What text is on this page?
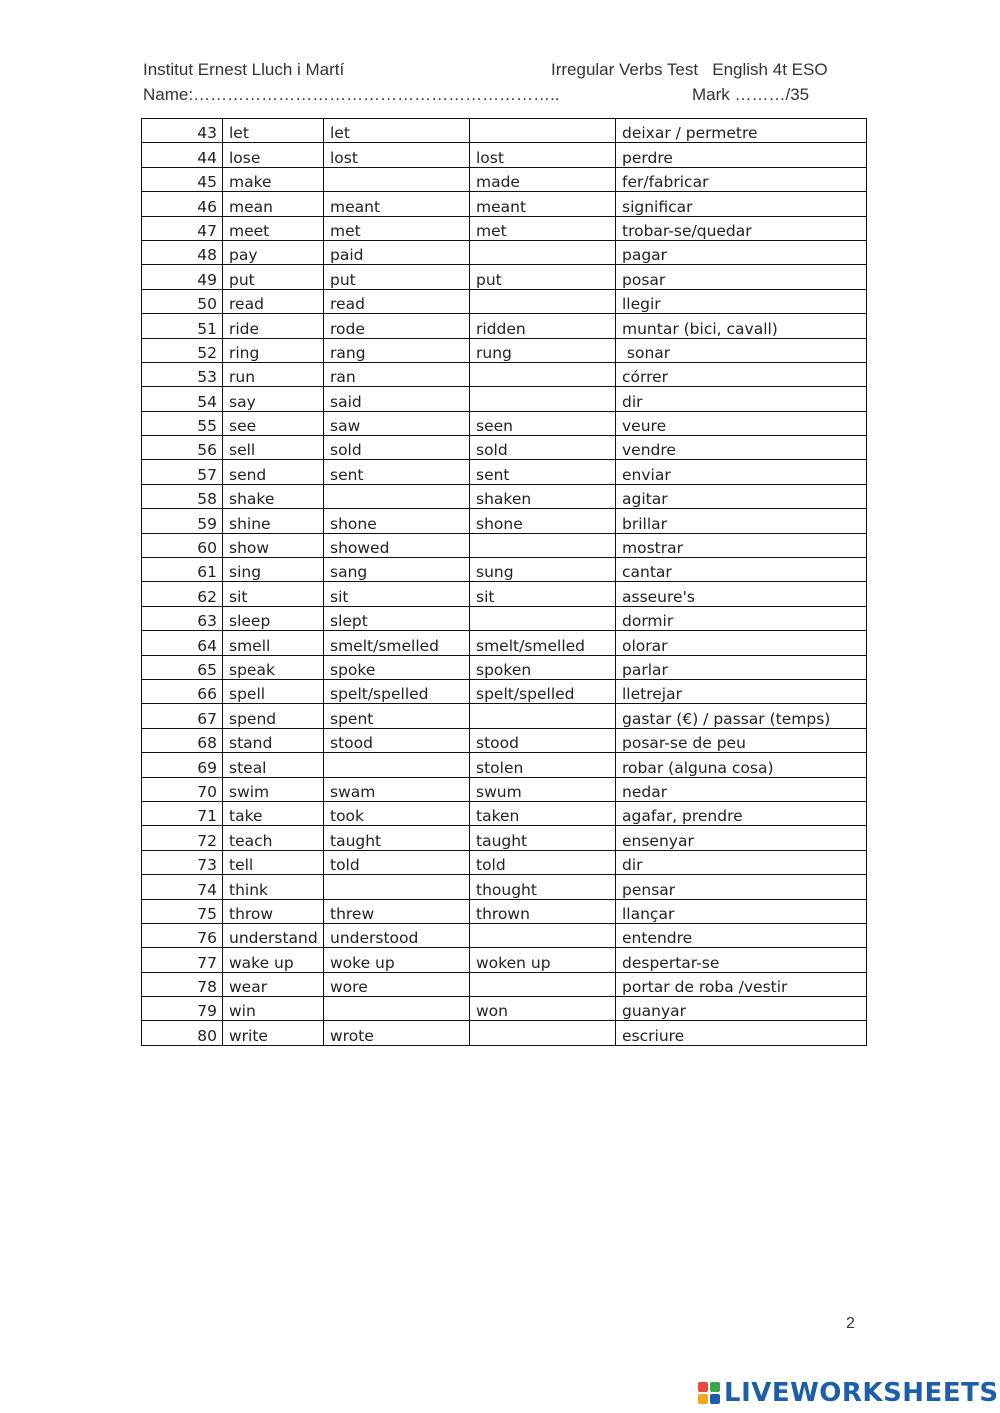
Institut Ernest Lluch i Martí	Irregular Verbs Test   English 4t ESO
Name:………………………………………………………..	Mark ………/35
43	let	let		deixar / permetre
44	lose	lost	lost	perdre
45	make		made	fer/fabricar
46	mean	meant	meant	significar
47	meet	met	met	trobar-se/quedar
48	pay	paid		pagar
49	put	put	put	posar
50	read	read		llegir
51	ride	rode	ridden	muntar (bici, cavall)
52	ring	rang	rung	sonar
53	run	ran		córrer
54	say	said		dir
55	see	saw	seen	veure
56	sell	sold	sold	vendre
57	send	sent	sent	enviar
58	shake		shaken	agitar
59	shine	shone	shone	brillar
60	show	showed		mostrar
61	sing	sang	sung	cantar
62	sit	sit	sit	asseure's
63	sleep	slept		dormir
64	smell	smelt/smelled	smelt/smelled	olorar
65	speak	spoke	spoken	parlar
66	spell	spelt/spelled	spelt/spelled	lletrejar
67	spend	spent		gastar (€) / passar (temps)
68	stand	stood	stood	posar-se de peu
69	steal		stolen	robar (alguna cosa)
70	swim	swam	swum	nedar
71	take	took	taken	agafar, prendre
72	teach	taught	taught	ensenyar
73	tell	told	told	dir
74	think		thought	pensar
75	throw	threw	thrown	llançar
76	understand	understood		entendre
77	wake up	woke up	woken up	despertar-se
78	wear	wore		portar de roba /vestir
79	win		won	guanyar
80	write	wrote		escriure
2
LIVEWORKSHEETS
